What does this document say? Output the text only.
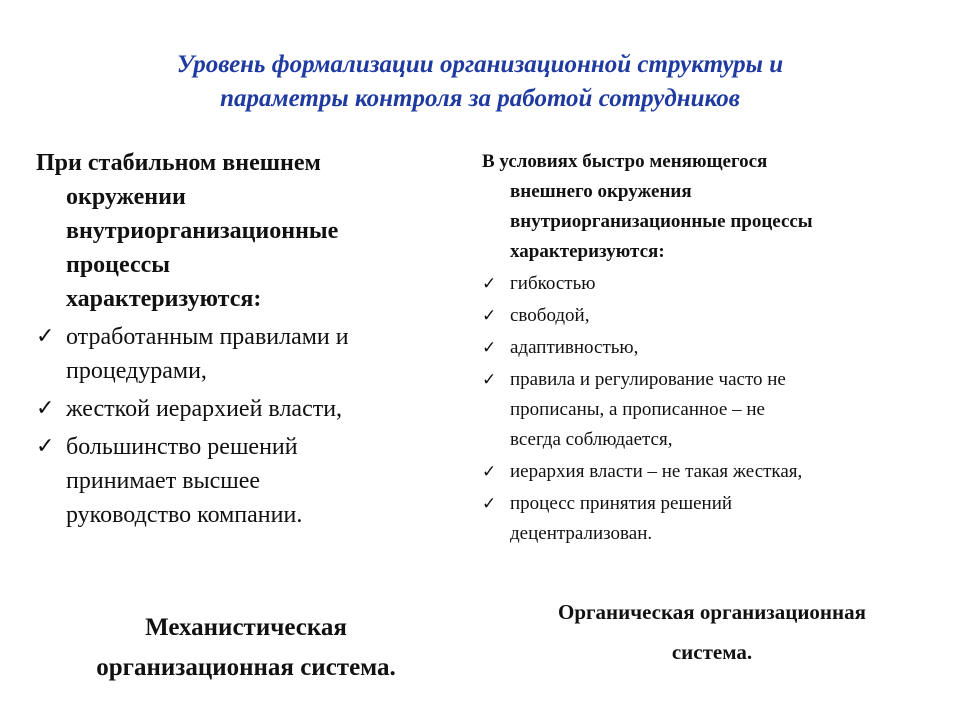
Уровень формализации организационной структуры и
параметры контроля за работой сотрудников
При стабильном внешнем
окружении
внутриорганизационные
процессы
характеризуются:
✓ отработанным правилами и
процедурами,
✓ жесткой иерархией власти,
✓ большинство решений
принимает высшее
руководство компании.
Механистическая
организационная система.
В условиях быстро меняющегося
внешнего окружения
внутриорганизационные процессы
характеризуются:
✓ гибкостью
✓ свободой,
✓ адаптивностью,
✓ правила и регулирование часто не
прописаны, а прописанное – не
всегда соблюдается,
✓ иерархия власти – не такая жесткая,
✓ процесс принятия решений
децентрализован.
Органическая организационная
система.
